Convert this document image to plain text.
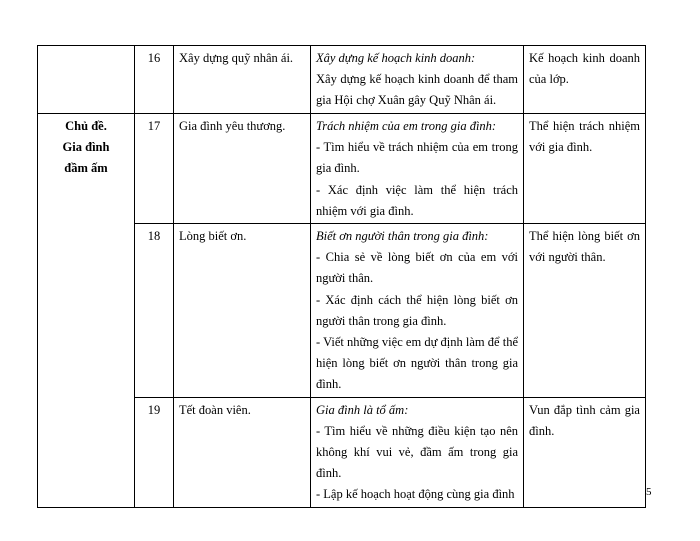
	16	Xây dựng quỹ nhân ái.	Xây dựng kế hoạch kinh doanh:
Xây dựng kế hoạch kinh doanh để tham gia Hội chợ Xuân gây Quỹ Nhân ái.	Kế hoạch kinh doanh của lớp.

Chủ đề.
Gia đình
đầm ấm	17	Gia đình yêu thương.	Trách nhiệm của em trong gia đình:
- Tìm hiểu về trách nhiệm của em trong gia đình.
- Xác định việc làm thể hiện trách nhiệm với gia đình.	Thể hiện trách nhiệm với gia đình.
	18	Lòng biết ơn.	Biết ơn người thân trong gia đình:
- Chia sẻ về lòng biết ơn của em với người thân.
- Xác định cách thể hiện lòng biết ơn người thân trong gia đình.
- Viết những việc em dự định làm để thể hiện lòng biết ơn người thân trong gia đình.	Thể hiện lòng biết ơn với người thân.
	19	Tết đoàn viên.	Gia đình là tổ ấm:
- Tìm hiểu về những điều kiện tạo nên không khí vui vẻ, đầm ấm trong gia đình.
- Lập kế hoạch hoạt động cùng gia đình	Vun đắp tình cảm gia đình.
5
